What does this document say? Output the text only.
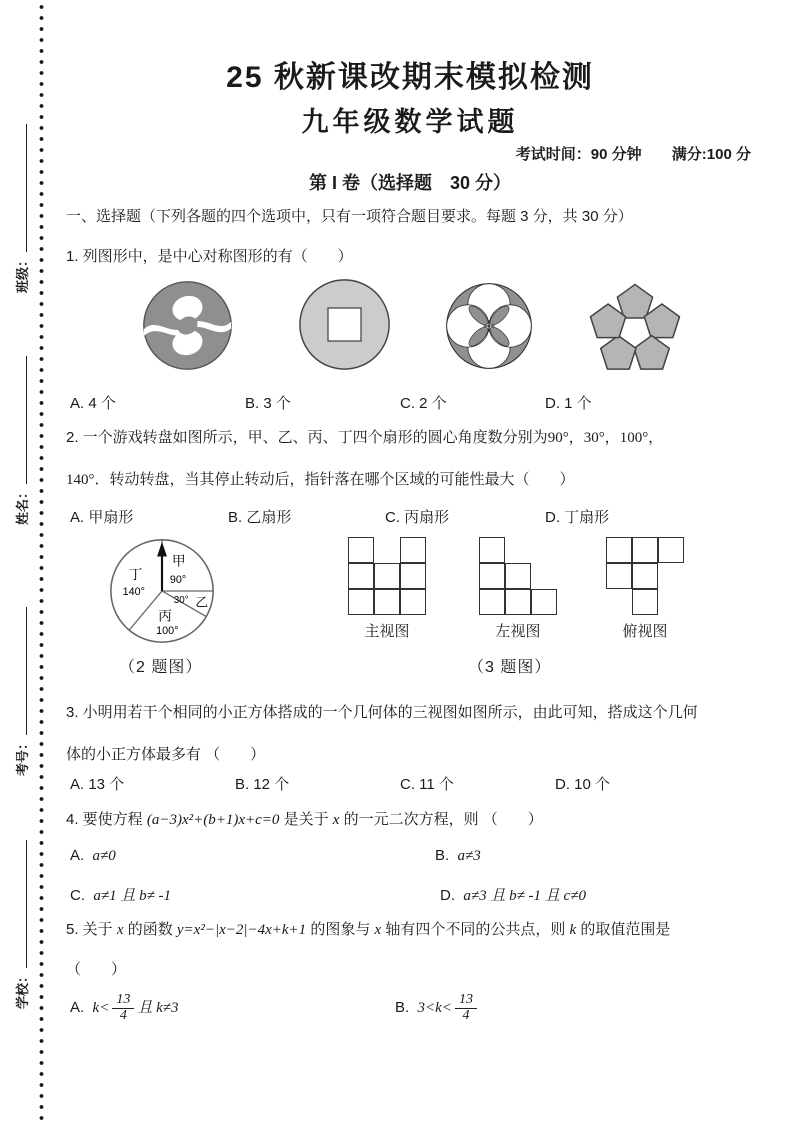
班级：
姓名：
考号：
学校：
25 秋新课改期末模拟检测
九年级数学试题
考试时间：90 分钟 满分:100 分
第 I 卷（选择题　30 分）
一、选择题（下列各题的四个选项中，只有一项符合题目要求。每题 3 分，共 30 分）
1. 列图形中，是中心对称图形的有（　　）
A. 4 个	B. 3 个	C. 2 个	D. 1 个
2. 一个游戏转盘如图所示，甲、乙、丙、丁四个扇形的圆心角度数分别为90°，30°，100°，
140°．转动转盘，当其停止转动后，指针落在哪个区域的可能性最大（　　）
A. 甲扇形	B. 乙扇形	C. 丙扇形	D. 丁扇形
甲
90°
乙
30°
丙
100°
丁
140°
（2 题图）
主视图	左视图	俯视图
（3 题图）
3. 小明用若干个相同的小正方体搭成的一个几何体的三视图如图所示，由此可知，搭成这个几何
体的小正方体最多有 （　　）
A. 13 个	B. 12 个	C. 11 个	D. 10 个
4. 要使方程 (a−3)x²+(b+1)x+c=0 是关于 x 的一元二次方程，则 （　　）
A. a≠0	B. a≠3
C. a≠1 且 b≠ -1	D. a≠3 且 b≠ -1 且 c≠0
5. 关于 x 的函数 y=x²−|x−2|−4x+k+1 的图象与 x 轴有四个不同的公共点，则 k 的取值范围是
（　　）
A. $k< \frac{13}{4}$ 且 k≠3	B. $3<k< \frac{13}{4}$
